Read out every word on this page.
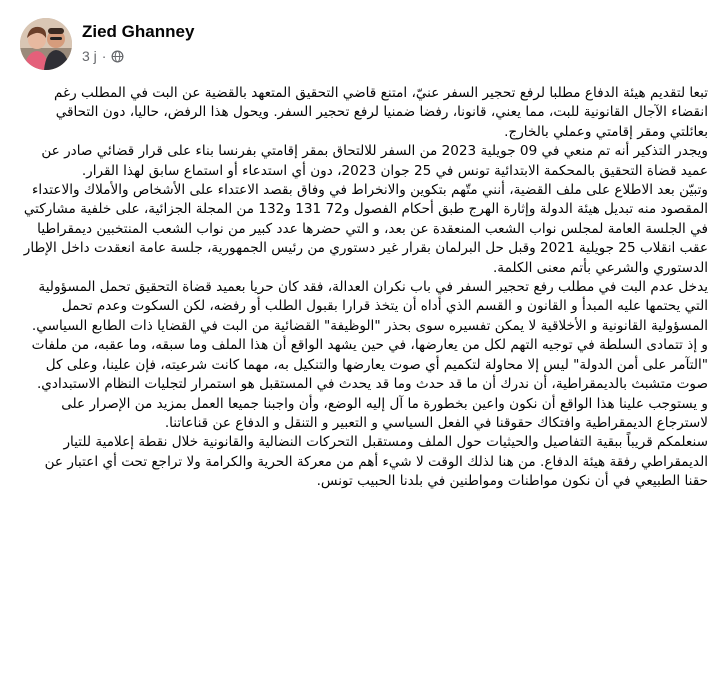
Zied Ghanney
3 j ·

تبعا لتقديم هيئة الدفاع مطلبا لرفع تحجير السفر عنيّ، امتنع قاضي التحقيق المتعهد بالقضية عن البت في المطلب رغم انقضاء الآجال القانونية للبت، مما يعني، قانونا، رفضا ضمنيا لرفع تحجير السفر. ويحول هذا الرفض، حاليا، دون التحاقي بعائلتي ومقر إقامتي وعملي بالخارج.

ويجدر التذكير أنه تم منعي في 09 جويلية 2023 من السفر للالتحاق بمقر إقامتي بفرنسا بناء على قرار قضائي صادر عن عميد قضاة التحقيق بالمحكمة الابتدائية تونس في 25 جوان 2023، دون أي استدعاء أو استماع سابق لهذا القرار.

وتبيّن بعد الاطلاع على ملف القضية، أنني متّهم بتكوين والانخراط في وفاق بقصد الاعتداء على الأشخاص والأملاك والاعتداء المقصود منه تبديل هيئة الدولة وإثارة الهرج طبق أحكام الفصول و72 131 و132 من المجلة الجزائية، على خلفية مشاركتي في الجلسة العامة لمجلس نواب الشعب المنعقدة عن بعد، و التي حضرها عدد كبير من نواب الشعب المنتخبين ديمقراطيا عقب انقلاب 25 جويلية 2021 وقبل حل البرلمان بقرار غير دستوري من رئيس الجمهورية، جلسة عامة انعقدت داخل الإطار الدستوري والشرعي بأتم معنى الكلمة.

يدخل عدم البت في مطلب رفع تحجير السفر في باب نكران العدالة، فقد كان حريا بعميد قضاة التحقيق تحمل المسؤولية التي يحتمها عليه المبدأ و القانون و القسم الذي أداه أن يتخذ قرارا بقبول الطلب أو رفضه، لكن السكوت وعدم تحمل المسؤولية القانونية و الأخلاقية لا يمكن تفسيره سوى بحذر "الوظيفة" القضائية من البت في القضايا ذات الطابع السياسي.

و إذ تتمادى السلطة في توجيه التهم لكل من يعارضها، في حين يشهد الواقع أن هذا الملف وما سبقه، وما عقبه، من ملفات "التآمر على أمن الدولة" ليس إلا محاولة لتكميم أي صوت يعارضها والتنكيل به، مهما كانت شرعيته، فإن علينا، وعلى كل صوت متشبث بالديمقراطية، أن ندرك أن ما قد حدث وما قد يحدث في المستقبل هو استمرار لتجليات النظام الاستبدادي.

و يستوجب علينا هذا الواقع أن نكون واعين بخطورة ما آل إليه الوضع، وأن واجبنا جميعا العمل بمزيد من الإصرار على لاسترجاع الديمقراطية وافتكاك حقوقنا في الفعل السياسي و التعبير و التنقل و الدفاع عن قناعاتنا.

سنعلمكم قريباً ببقية التفاصيل والحيثيات حول الملف ومستقبل التحركات النضالية والقانونية خلال نقطة إعلامية للتيار الديمقراطي رفقة هيئة الدفاع. من هنا لذلك الوقت لا شيء أهم من معركة الحرية والكرامة ولا تراجع تحت أي اعتبار عن حقنا الطبيعي في أن نكون مواطنات ومواطنين في بلدنا الحبيب تونس.
